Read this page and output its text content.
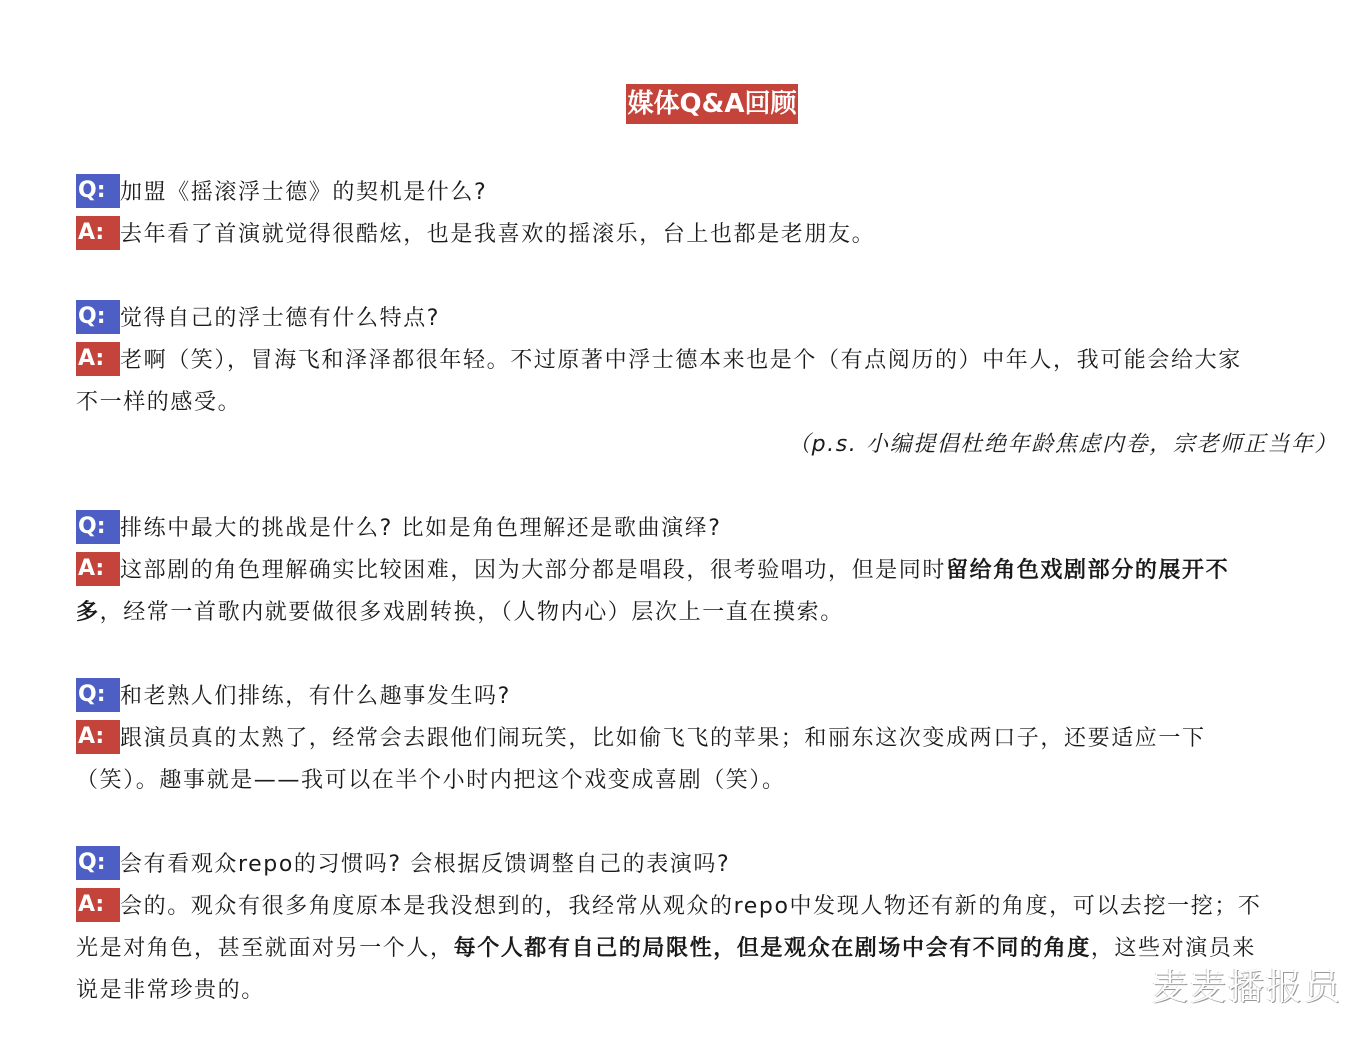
媒体Q&A回顾
Q: 加盟《摇滚浮士德》的契机是什么?
A: 去年看了首演就觉得很酷炫，也是我喜欢的摇滚乐，台上也都是老朋友。
Q: 觉得自己的浮士德有什么特点?
A: 老啊（笑），冒海飞和泽泽都很年轻。不过原著中浮士德本来也是个（有点阅历的）中年人，我可能会给大家
不一样的感受。
（p.s. 小编提倡杜绝年龄焦虑内卷，宗老师正当年）
Q: 排练中最大的挑战是什么? 比如是角色理解还是歌曲演绎?
A: 这部剧的角色理解确实比较困难，因为大部分都是唱段，很考验唱功，但是同时留给角色戏剧部分的展开不
多，经常一首歌内就要做很多戏剧转换，（人物内心）层次上一直在摸索。
Q: 和老熟人们排练，有什么趣事发生吗?
A: 跟演员真的太熟了，经常会去跟他们闹玩笑，比如偷飞飞的苹果；和丽东这次变成两口子，还要适应一下
（笑）。趣事就是——我可以在半个小时内把这个戏变成喜剧（笑）。
Q: 会有看观众repo的习惯吗? 会根据反馈调整自己的表演吗?
A: 会的。观众有很多角度原本是我没想到的，我经常从观众的repo中发现人物还有新的角度，可以去挖一挖；不
光是对角色，甚至就面对另一个人，每个人都有自己的局限性，但是观众在剧场中会有不同的角度，这些对演员来
说是非常珍贵的。	麦麦播报员
